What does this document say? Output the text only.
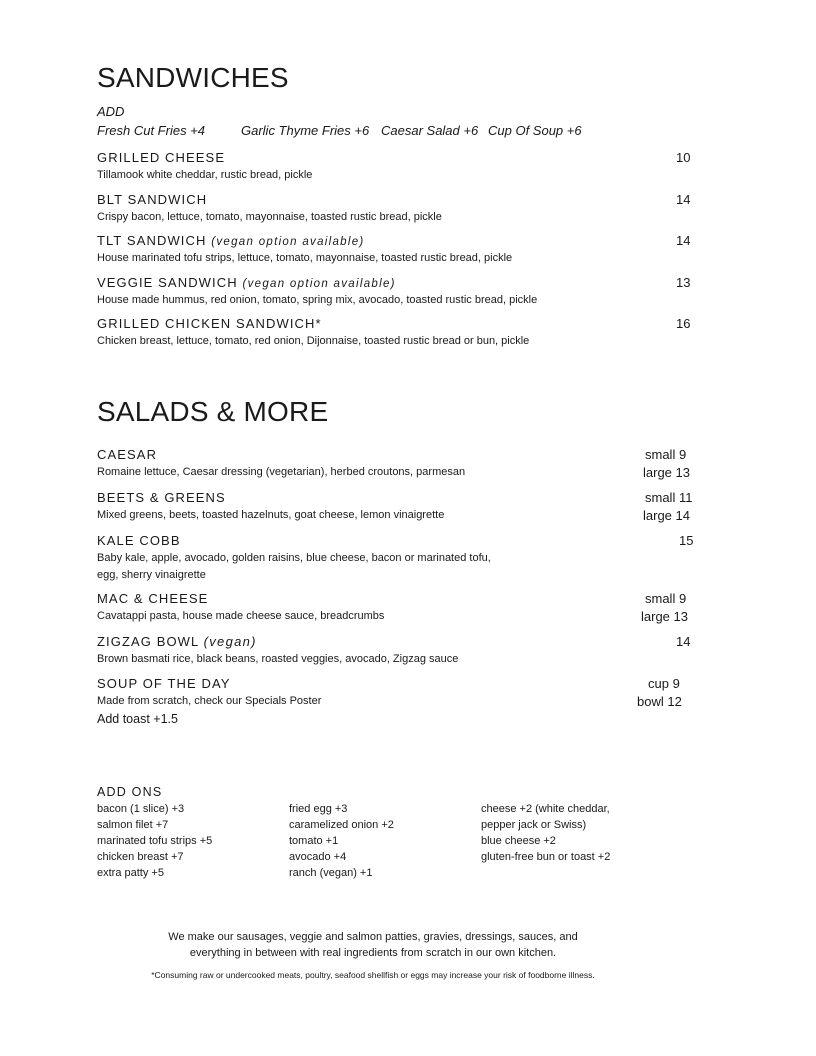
SANDWICHES
ADD
Fresh Cut Fries +4	Garlic Thyme Fries +6 Caesar Salad +6 Cup Of Soup +6
GRILLED CHEESE
Tillamook white cheddar, rustic bread, pickle
10
BLT SANDWICH
Crispy bacon, lettuce, tomato, mayonnaise, toasted rustic bread, pickle
14
TLT SANDWICH (vegan option available)
House marinated tofu strips, lettuce, tomato, mayonnaise, toasted rustic bread, pickle
14
VEGGIE SANDWICH (vegan option available)
House made hummus, red onion, tomato, spring mix, avocado, toasted rustic bread, pickle
13
GRILLED CHICKEN SANDWICH*
Chicken breast, lettuce, tomato, red onion, Dijonnaise, toasted rustic bread or bun, pickle
16
SALADS & MORE
CAESAR
Romaine lettuce, Caesar dressing (vegetarian), herbed croutons, parmesan
small 9
large 13
BEETS & GREENS
Mixed greens, beets, toasted hazelnuts, goat cheese, lemon vinaigrette
small 11
large 14
KALE COBB
Baby kale, apple, avocado, golden raisins, blue cheese, bacon or marinated tofu,
egg, sherry vinaigrette
15
MAC & CHEESE
Cavatappi pasta, house made cheese sauce, breadcrumbs
small 9
large 13
ZIGZAG BOWL (vegan)
Brown basmati rice, black beans, roasted veggies, avocado, Zigzag sauce
14
SOUP OF THE DAY
Made from scratch, check our Specials Poster
Add toast +1.5
cup 9
bowl 12
ADD ONS
bacon (1 slice) +3
salmon filet +7
marinated tofu strips +5
chicken breast +7
extra patty +5
fried egg +3
caramelized onion +2
tomato +1
avocado +4
ranch (vegan) +1
cheese +2 (white cheddar,
pepper jack or Swiss)
blue cheese +2
gluten-free bun or toast +2
We make our sausages, veggie and salmon patties, gravies, dressings, sauces, and
everything in between with real ingredients from scratch in our own kitchen.
*Consuming raw or undercooked meats, poultry, seafood shellfish or eggs may increase your risk of foodborne illness.
